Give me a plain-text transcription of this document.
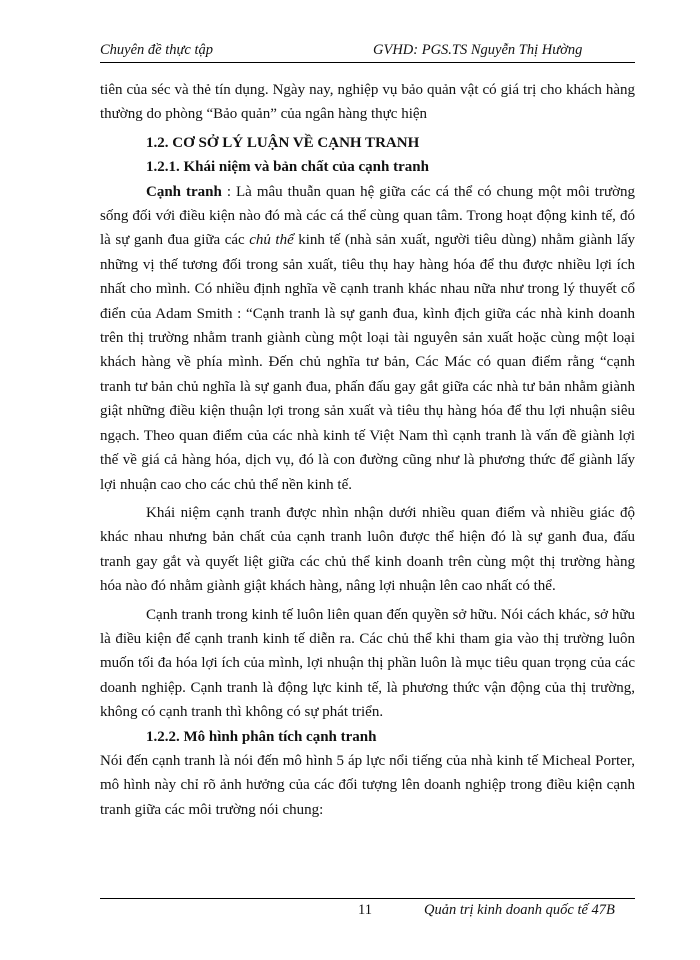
Chuyên đề thực tập	GVHD: PGS.TS Nguyễn Thị Hường

tiên của séc và thẻ tín dụng. Ngày nay, nghiệp vụ bảo quản vật có giá trị cho khách hàng thường do phòng “Bảo quản” của ngân hàng thực hiện

1.2. CƠ SỞ LÝ LUẬN VỀ CẠNH TRANH

1.2.1. Khái niệm và bản chất của cạnh tranh

Cạnh tranh : Là mâu thuẫn quan hệ giữa các cá thể có chung một môi trường sống đối với điều kiện nào đó mà các cá thể cùng quan tâm. Trong hoạt động kinh tế, đó là sự ganh đua giữa các chủ thể kinh tế (nhà sản xuất, người tiêu dùng) nhằm giành lấy những vị thế tương đối trong sản xuất, tiêu thụ hay hàng hóa để thu được nhiều lợi ích nhất cho mình. Có nhiều định nghĩa về cạnh tranh khác nhau nữa như trong lý thuyết cổ điển của Adam Smith : “Cạnh tranh là sự ganh đua, kình địch giữa các nhà kinh doanh trên thị trường nhằm tranh giành cùng một loại tài nguyên sản xuất hoặc cùng một loại khách hàng về phía mình. Đến chủ nghĩa tư bản, Các Mác có quan điểm rằng “cạnh tranh tư bản chủ nghĩa là sự ganh đua, phấn đấu gay gắt giữa các nhà tư bản nhằm giành giật những điều kiện thuận lợi trong sản xuất và tiêu thụ hàng hóa để thu lợi nhuận siêu ngạch. Theo quan điểm của các nhà kinh tế Việt Nam thì cạnh tranh là vấn đề giành lợi thế về giá cả hàng hóa, dịch vụ, đó là con đường cũng như là phương thức để giành lấy lợi nhuận cao cho các chủ thể nền kinh tế.

Khái niệm cạnh tranh được nhìn nhận dưới nhiều quan điểm và nhiều giác độ khác nhau nhưng bản chất của cạnh tranh luôn được thể hiện đó là sự ganh đua, đấu tranh gay gắt và quyết liệt giữa các chủ thể kinh doanh trên cùng một thị trường hàng hóa nào đó nhằm giành giật khách hàng, nâng lợi nhuận lên cao nhất có thể.

Cạnh tranh trong kinh tế luôn liên quan đến quyền sở hữu. Nói cách khác, sở hữu là điều kiện để cạnh tranh kinh tế diễn ra. Các chủ thể khi tham gia vào thị trường luôn muốn tối đa hóa lợi ích của mình, lợi nhuận thị phần luôn là mục tiêu quan trọng của các doanh nghiệp. Cạnh tranh là động lực kinh tế, là phương thức vận động của thị trường, không có cạnh tranh thì không có sự phát triển.

1.2.2. Mô hình phân tích cạnh tranh

Nói đến cạnh tranh là nói đến mô hình 5 áp lực nổi tiếng của nhà kinh tế Micheal Porter, mô hình này chỉ rõ ảnh hưởng của các đối tượng lên doanh nghiệp trong điều kiện cạnh tranh giữa các môi trường nói chung:

11	Quản trị kinh doanh quốc tế 47B
